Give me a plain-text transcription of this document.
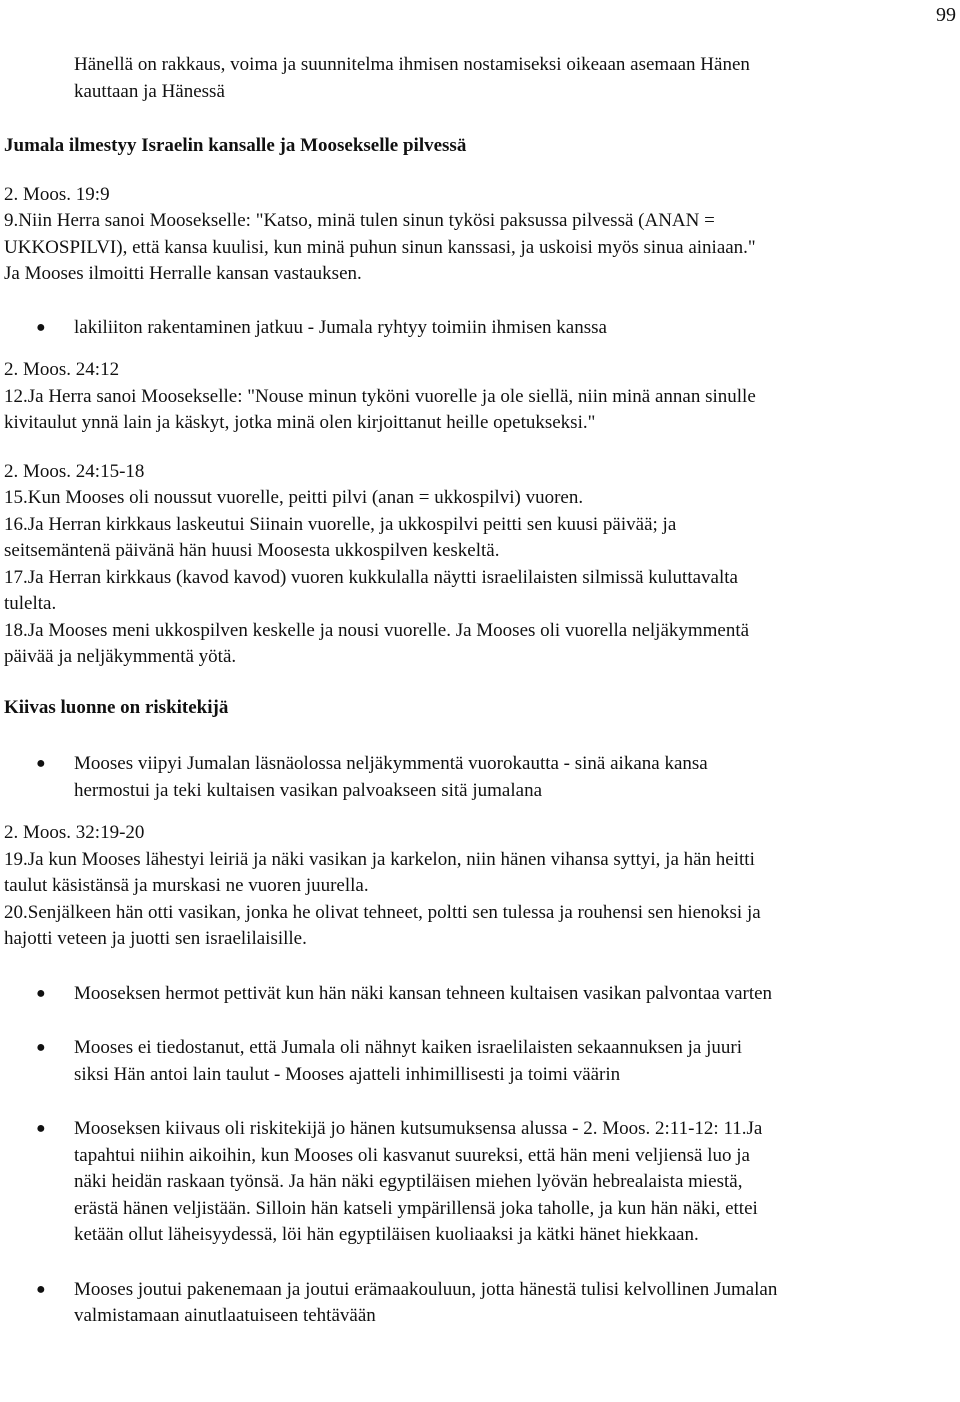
99
Hänellä on rakkaus, voima ja suunnitelma ihmisen nostamiseksi oikeaan asemaan Hänen
kauttaan ja Hänessä
Jumala ilmestyy Israelin kansalle ja Moosekselle pilvessä
2. Moos. 19:9
9.Niin Herra sanoi Moosekselle: "Katso, minä tulen sinun tykösi paksussa pilvessä (ANAN =
UKKOSPILVI), että kansa kuulisi, kun minä puhun sinun kanssasi, ja uskoisi myös sinua ainiaan."
Ja Mooses ilmoitti Herralle kansan vastauksen.
● lakiliiton rakentaminen jatkuu - Jumala ryhtyy toimiin ihmisen kanssa
2. Moos. 24:12
12.Ja Herra sanoi Moosekselle: "Nouse minun tyköni vuorelle ja ole siellä, niin minä annan sinulle
kivitaulut ynnä lain ja käskyt, jotka minä olen kirjoittanut heille opetukseksi."
2. Moos. 24:15-18
15.Kun Mooses oli noussut vuorelle, peitti pilvi (anan = ukkospilvi) vuoren.
16.Ja Herran kirkkaus laskeutui Siinain vuorelle, ja ukkospilvi peitti sen kuusi päivää; ja
seitsemäntenä päivänä hän huusi Moosesta ukkospilven keskeltä.
17.Ja Herran kirkkaus (kavod kavod) vuoren kukkulalla näytti israelilaisten silmissä kuluttavalta
tulelta.
18.Ja Mooses meni ukkospilven keskelle ja nousi vuorelle. Ja Mooses oli vuorella neljäkymmentä
päivää ja neljäkymmentä yötä.
Kiivas luonne on riskitekijä
● Mooses viipyi Jumalan läsnäolossa neljäkymmentä vuorokautta - sinä aikana kansa
hermostui ja teki kultaisen vasikan palvoakseen sitä jumalana
2. Moos. 32:19-20
19.Ja kun Mooses lähestyi leiriä ja näki vasikan ja karkelon, niin hänen vihansa syttyi, ja hän heitti
taulut käsistänsä ja murskasi ne vuoren juurella.
20.Senjälkeen hän otti vasikan, jonka he olivat tehneet, poltti sen tulessa ja rouhensi sen hienoksi ja
hajotti veteen ja juotti sen israelilaisille.
● Mooseksen hermot pettivät kun hän näki kansan tehneen kultaisen vasikan palvontaa varten
● Mooses ei tiedostanut, että Jumala oli nähnyt kaiken israelilaisten sekaannuksen ja juuri
siksi Hän antoi lain taulut - Mooses ajatteli inhimillisesti ja toimi väärin
● Mooseksen kiivaus oli riskitekijä jo hänen kutsumuksensa alussa - 2. Moos. 2:11-12: 11.Ja
tapahtui niihin aikoihin, kun Mooses oli kasvanut suureksi, että hän meni veljiensä luo ja
näki heidän raskaan työnsä. Ja hän näki egyptiläisen miehen lyövän hebrealaista miestä,
erästä hänen veljistään. Silloin hän katseli ympärillensä joka taholle, ja kun hän näki, ettei
ketään ollut läheisyydessä, löi hän egyptiläisen kuoliaaksi ja kätki hänet hiekkaan.
● Mooses joutui pakenemaan ja joutui erämaakouluun, jotta hänestä tulisi kelvollinen Jumalan
valmistamaan ainutlaatuiseen tehtävään
